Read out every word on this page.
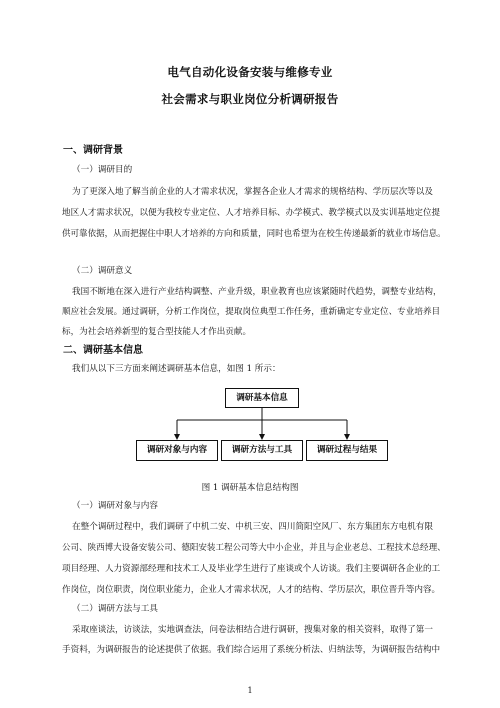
电气自动化设备安装与维修专业
社会需求与职业岗位分析调研报告
一、调研背景
（一）调研目的
为了更深入地了解当前企业的人才需求状况，掌握各企业人才需求的规格结构、学历层次等以及
地区人才需求状况，以便为我校专业定位、人才培养目标、办学模式、教学模式以及实训基地定位提
供可靠依据，从而把握住中职人才培养的方向和质量，同时也希望为在校生传递最新的就业市场信息。
（二）调研意义
我国不断地在深入进行产业结构调整、产业升级，职业教育也应该紧随时代趋势，调整专业结构，
顺应社会发展。通过调研，分析工作岗位，提取岗位典型工作任务，重新确定专业定位、专业培养目
标，为社会培养新型的复合型技能人才作出贡献。
二、调研基本信息
我们从以下三方面来阐述调研基本信息，如图 1 所示：
调研基本信息
调研对象与内容	调研方法与工具	调研过程与结果
图 1 调研基本信息结构图
（一）调研对象与内容
在整个调研过程中，我们调研了中机二安、中机三安、四川简阳空风厂、东方集团东方电机有限
公司、陕西博大设备安装公司、德阳安装工程公司等大中小企业，并且与企业老总、工程技术总经理、
项目经理、人力资源部经理和技术工人及毕业学生进行了座谈或个人访谈。我们主要调研各企业的工
作岗位，岗位职责，岗位职业能力，企业人才需求状况，人才的结构、学历层次，职位晋升等内容。
（二）调研方法与工具
采取座谈法，访谈法，实地调查法，问卷法相结合进行调研，搜集对象的相关资料，取得了第一
手资料，为调研报告的论述提供了依据。我们综合运用了系统分析法、归纳法等，为调研报告结构中
1
